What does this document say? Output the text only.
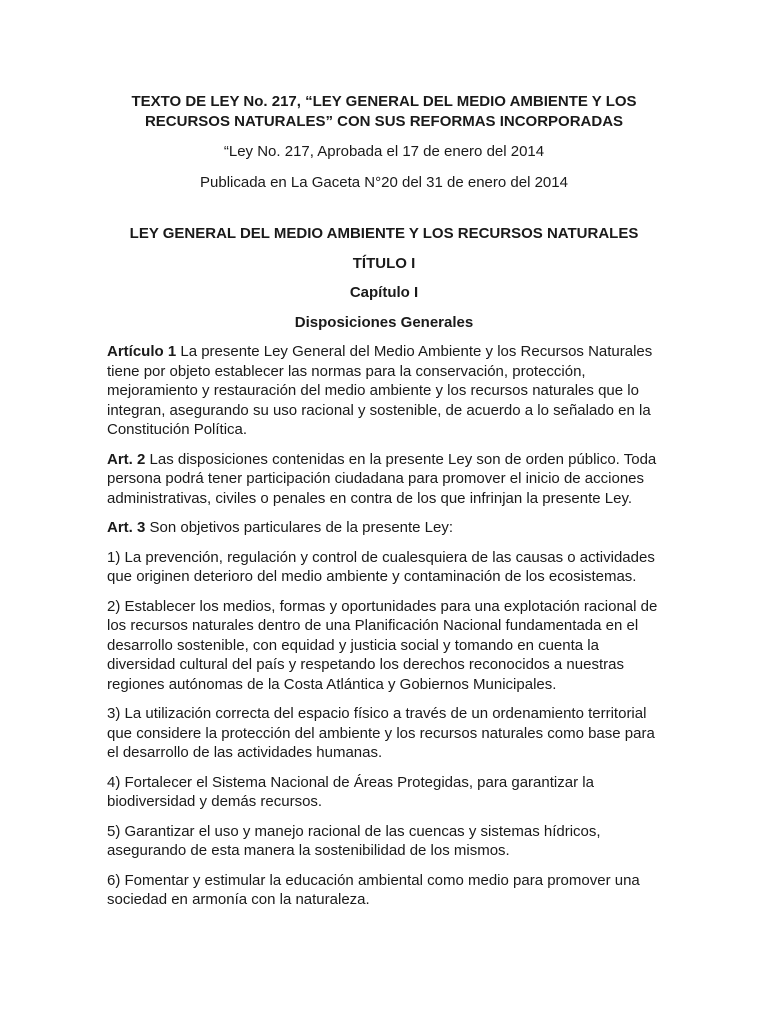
TEXTO DE LEY No. 217, “LEY GENERAL DEL MEDIO AMBIENTE Y LOS

RECURSOS NATURALES” CON SUS REFORMAS INCORPORADAS

“Ley No. 217, Aprobada el 17 de enero del 2014

Publicada en La Gaceta N°20 del 31 de enero del 2014

LEY GENERAL DEL MEDIO AMBIENTE Y LOS RECURSOS NATURALES

TÍTULO I

Capítulo I

Disposiciones Generales

Artículo 1 La presente Ley General del Medio Ambiente y los Recursos Naturales tiene por objeto establecer las normas para la conservación, protección, mejoramiento y restauración del medio ambiente y los recursos naturales que lo integran, asegurando su uso racional y sostenible, de acuerdo a lo señalado en la Constitución Política.

Art. 2 Las disposiciones contenidas en la presente Ley son de orden público. Toda persona podrá tener participación ciudadana para promover el inicio de acciones administrativas, civiles o penales en contra de los que infrinjan la presente Ley.

Art. 3 Son objetivos particulares de la presente Ley:

1) La prevención, regulación y control de cualesquiera de las causas o actividades que originen deterioro del medio ambiente y contaminación de los ecosistemas.

2) Establecer los medios, formas y oportunidades para una explotación racional de los recursos naturales dentro de una Planificación Nacional fundamentada en el desarrollo sostenible, con equidad y justicia social y tomando en cuenta la diversidad cultural del país y respetando los derechos reconocidos a nuestras regiones autónomas de la Costa Atlántica y Gobiernos Municipales.

3) La utilización correcta del espacio físico a través de un ordenamiento territorial que considere la protección del ambiente y los recursos naturales como base para el desarrollo de las actividades humanas.

4) Fortalecer el Sistema Nacional de Áreas Protegidas, para garantizar la biodiversidad y demás recursos.

5) Garantizar el uso y manejo racional de las cuencas y sistemas hídricos, asegurando de esta manera la sostenibilidad de los mismos.

6) Fomentar y estimular la educación ambiental como medio para promover una sociedad en armonía con la naturaleza.
